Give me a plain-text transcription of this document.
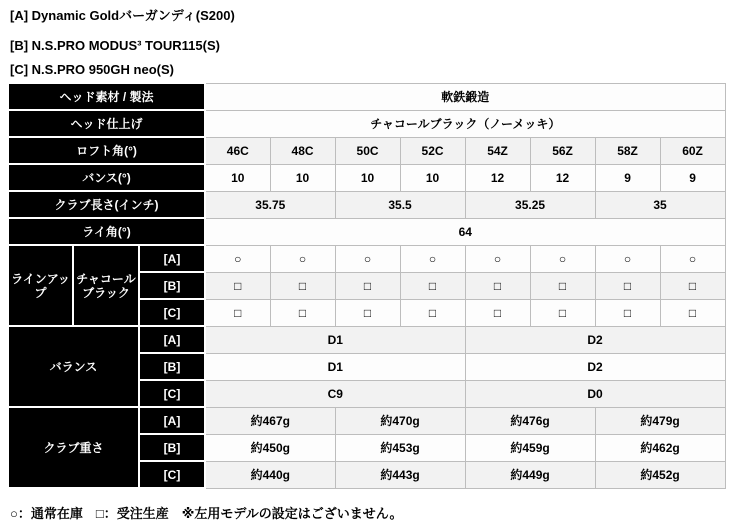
[A] Dynamic Goldバーガンディ(S200)
[B] N.S.PRO MODUS³ TOUR115(S)
[C] N.S.PRO 950GH neo(S)
ヘッド素材 / 製法			軟鉄鍛造							
ヘッド仕上げ			チャコールブラック（ノーメッキ）							
ロフト角(°)			46C	48C	50C	52C	54Z	56Z	58Z	60Z
バンス(°)			10	10	10	10	12	12	9	9
クラブ長さ(インチ)			35.75		35.5		35.25		35	
ライ角(°)			64							
ラインアップ	チャコールブラック	[A]	○	○	○	○	○	○	○	○
		[B]	□	□	□	□	□	□	□	□
		[C]	□	□	□	□	□	□	□	□
バランス		[A]	D1				D2			
		[B]	D1				D2			
		[C]	C9				D0			
クラブ重さ		[A]	約467g		約470g		約476g		約479g	
		[B]	約450g		約453g		約459g		約462g	
		[C]	約440g		約443g		約449g		約452g	
○：通常在庫　□：受注生産　※左用モデルの設定はございません。
